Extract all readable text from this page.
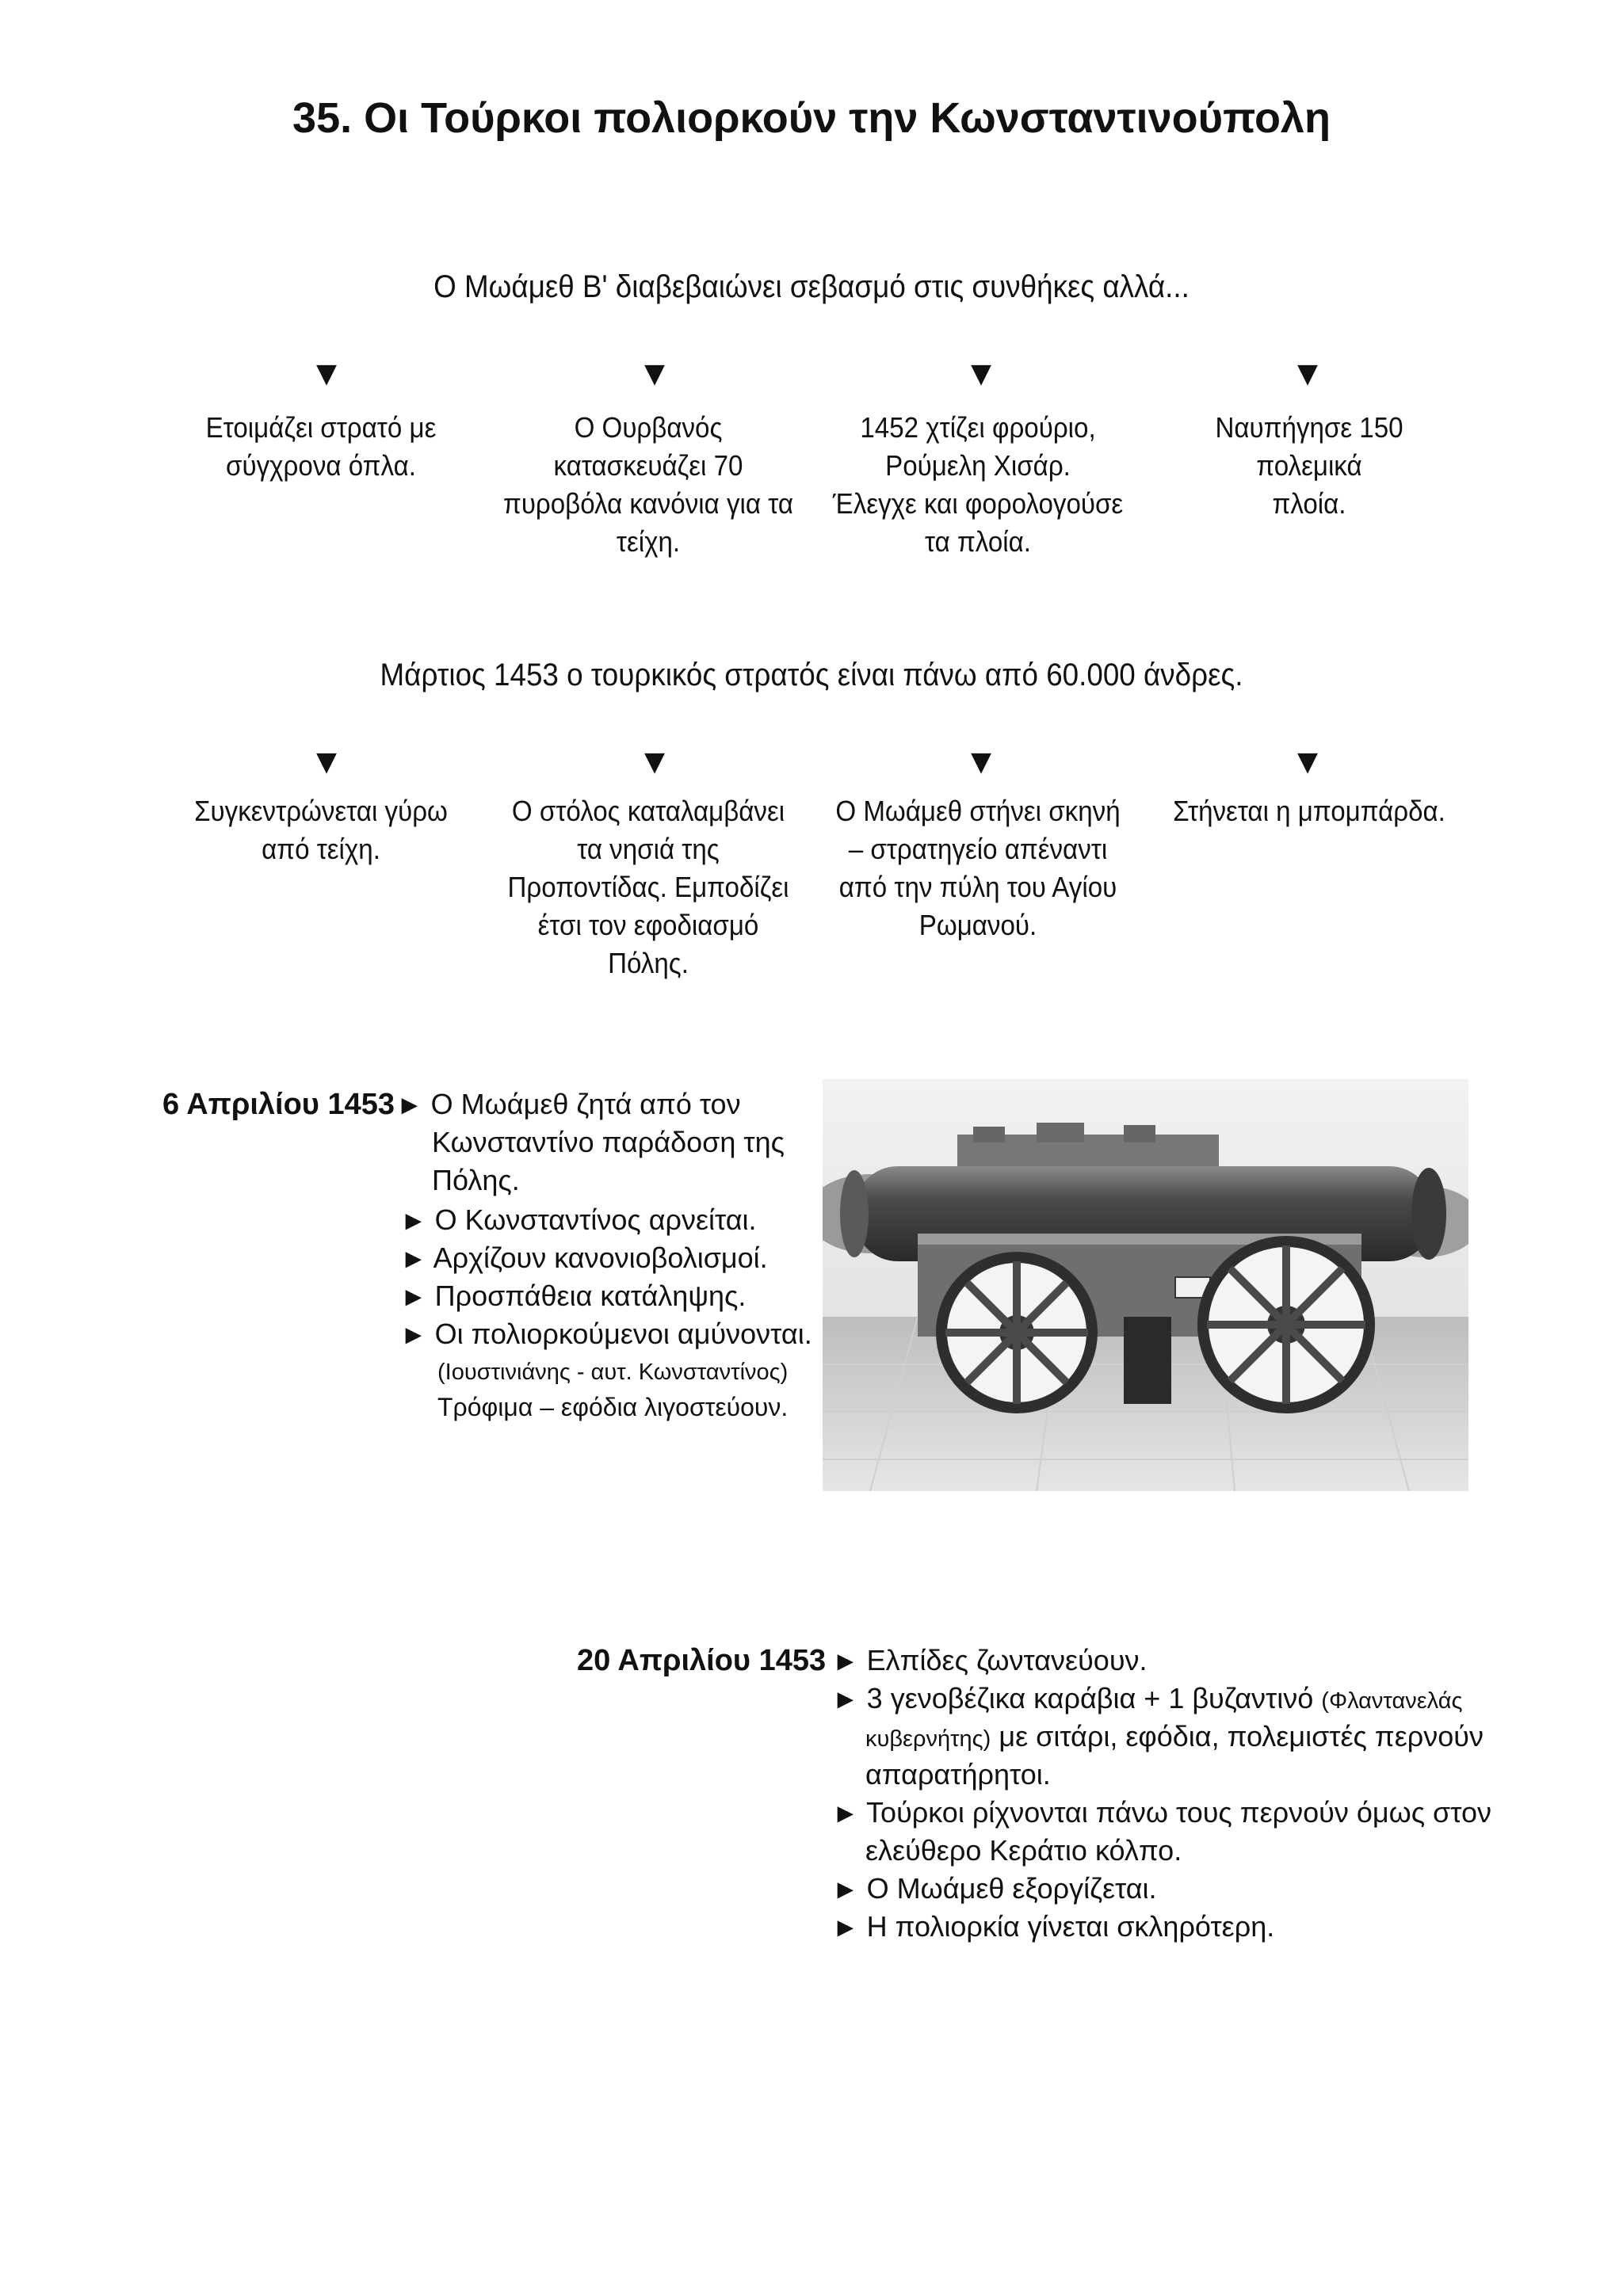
35. Οι Τούρκοι πολιορκούν την Κωνσταντινούπολη
Ο Μωάμεθ Β' διαβεβαιώνει σεβασμό στις συνθήκες αλλά...
▼	▼	▼	▼
Ετοιμάζει στρατό με
σύγχρονα όπλα.
Ο Ουρβανός
κατασκευάζει 70
πυροβόλα κανόνια για τα
τείχη.
1452 χτίζει φρούριο,
Ρούμελη Χισάρ.
Έλεγχε και φορολογούσε
τα πλοία.
Ναυπήγησε 150 πολεμικά
πλοία.
Μάρτιος 1453 ο τουρκικός στρατός είναι πάνω από 60.000 άνδρες.
▼	▼	▼	▼
Συγκεντρώνεται γύρω
από τείχη.
Ο στόλος καταλαμβάνει
τα νησιά της
Προποντίδας. Εμποδίζει
έτσι τον εφοδιασμό
Πόλης.
Ο Μωάμεθ στήνει σκηνή
– στρατηγείο απέναντι
από την πύλη του Αγίου
Ρωμανού.
Στήνεται η μπομπάρδα.
6 Απριλίου 1453 ► Ο Μωάμεθ ζητά από τον
Κωνσταντίνο παράδοση της
Πόλης.
► Ο Κωνσταντίνος αρνείται.
► Αρχίζουν κανονιοβολισμοί.
► Προσπάθεια κατάληψης.
► Οι πολιορκούμενοι αμύνονται.
(Ιουστινιάνης - αυτ. Κωνσταντίνος)
Τρόφιμα – εφόδια λιγοστεύουν.
20 Απριλίου 1453 ► Ελπίδες ζωντανεύουν.
► 3 γενοβέζικα καράβια + 1 βυζαντινό (Φλαντανελάς
κυβερνήτης) με σιτάρι, εφόδια, πολεμιστές περνούν
απαρατήρητοι.
► Τούρκοι ρίχνονται πάνω τους περνούν όμως στον
ελεύθερο Κεράτιο κόλπο.
► Ο Μωάμεθ εξοργίζεται.
► Η πολιορκία γίνεται σκληρότερη.
